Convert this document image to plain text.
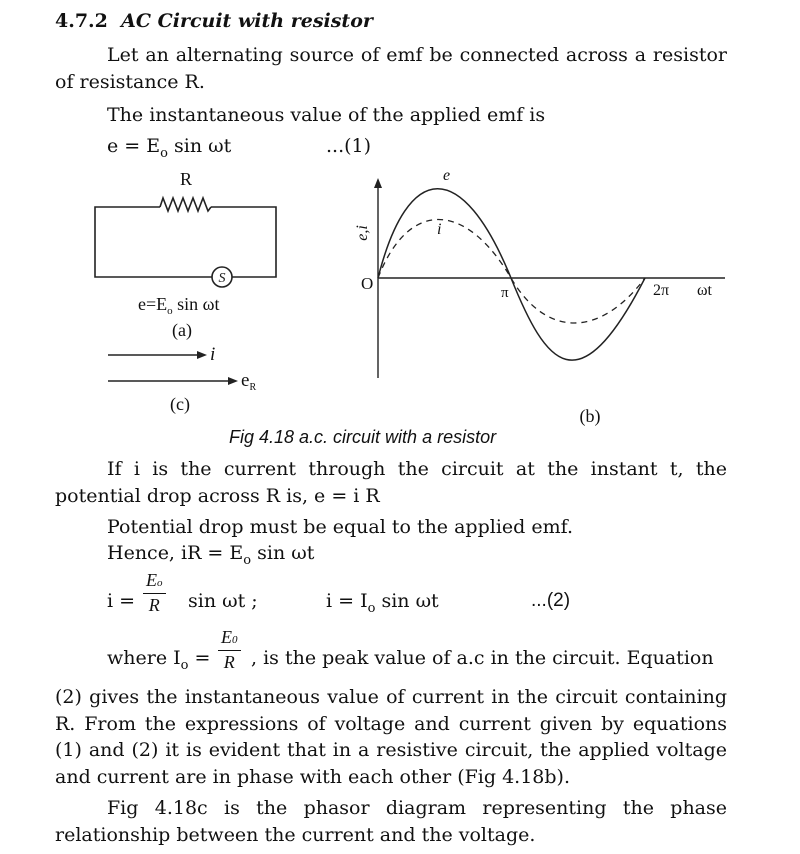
4.7.2 AC Circuit with resistor
Let an alternating source of emf be connected across a resistor of resistance R.
The instantaneous value of the applied emf is
$e = E_o$ sin ωt	...(1)
S
R
$e=E_o$ sin ωt
(a)
i
$e_R$
(c)
e,i
O	π	2π ωt
e
i
(b)
Fig 4.18 a.c. circuit with a resistor
If i is the current through the circuit at the instant t, the potential drop across R is, e = i R
Potential drop must be equal to the applied emf.
Hence, iR = $E_o$ sin ωt
$i = \frac{Eo}{R}$ sin ωt ;	$i = I_o$ sin ωt	...(2)
where $I_o = \frac{E0}{R}$ , is the peak value of a.c in the circuit. Equation
(2) gives the instantaneous value of current in the circuit containing R. From the expressions of voltage and current given by equations (1) and (2) it is evident that in a resistive circuit, the applied voltage and current are in phase with each other (Fig 4.18b).
Fig 4.18c is the phasor diagram representing the phase relationship between the current and the voltage.
